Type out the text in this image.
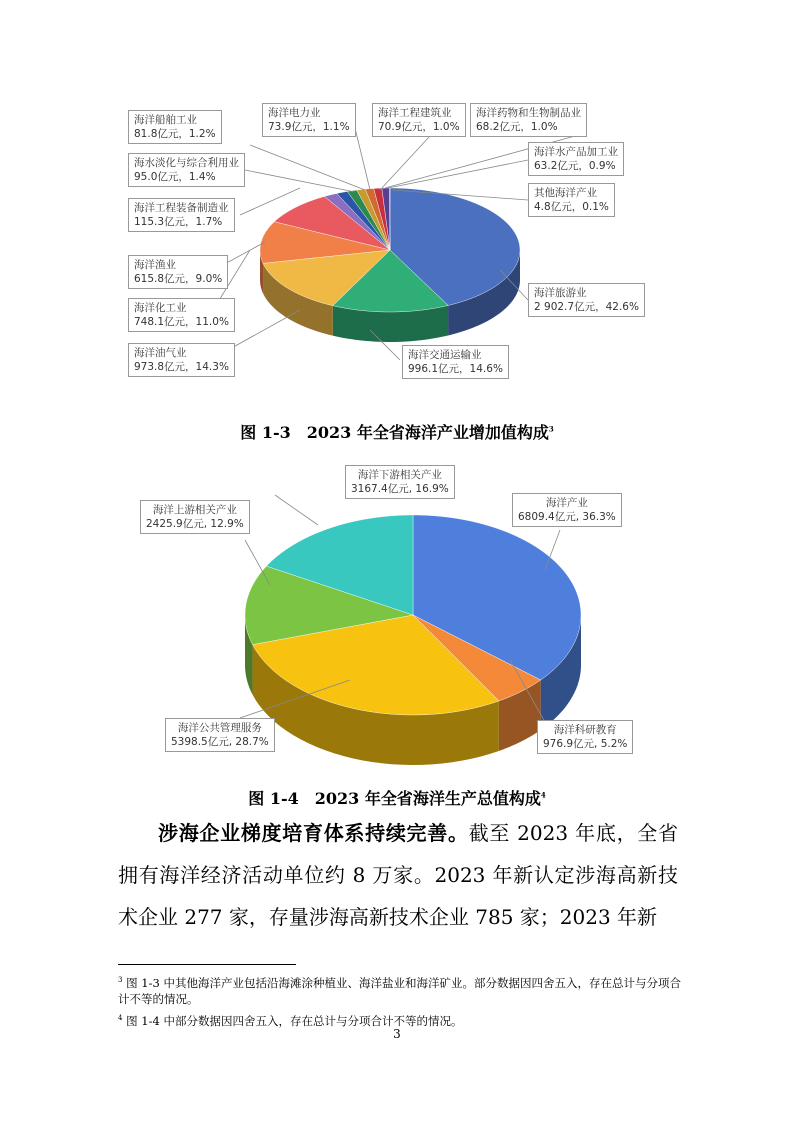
海洋船舶工业
81.8亿元，1.2%
海洋电力业
73.9亿元，1.1%
海洋工程建筑业
70.9亿元，1.0%
海洋药物和生物制品业
68.2亿元，1.0%
海洋水产品加工业
63.2亿元，0.9%
其他海洋产业
4.8亿元，0.1%
海水淡化与综合利用业
95.0亿元，1.4%
海洋工程装备制造业
115.3亿元，1.7%
海洋渔业
615.8亿元，9.0%
海洋化工业
748.1亿元，11.0%
海洋油气业
973.8亿元，14.3%
海洋交通运输业
996.1亿元，14.6%
海洋旅游业
2 902.7亿元，42.6%
图 1-3　2023 年全省海洋产业增加值构成$^3$
海洋下游相关产业
3167.4亿元, 16.9%
海洋上游相关产业
2425.9亿元, 12.9%
海洋产业
6809.4亿元, 36.3%
海洋公共管理服务
5398.5亿元, 28.7%
海洋科研教育
976.9亿元, 5.2%
图 1-4　2023 年全省海洋生产总值构成$^4$
涉海企业梯度培育体系持续完善。截至 2023 年底，全省拥有海洋经济活动单位约 8 万家。2023 年新认定涉海高新技术企业 277 家，存量涉海高新技术企业 785 家；2023 年新
$^3$ 图 1-3 中其他海洋产业包括沿海滩涂种植业、海洋盐业和海洋矿业。部分数据因四舍五入，存在总计与分项合计不等的情况。
$^4$ 图 1-4 中部分数据因四舍五入，存在总计与分项合计不等的情况。
3
